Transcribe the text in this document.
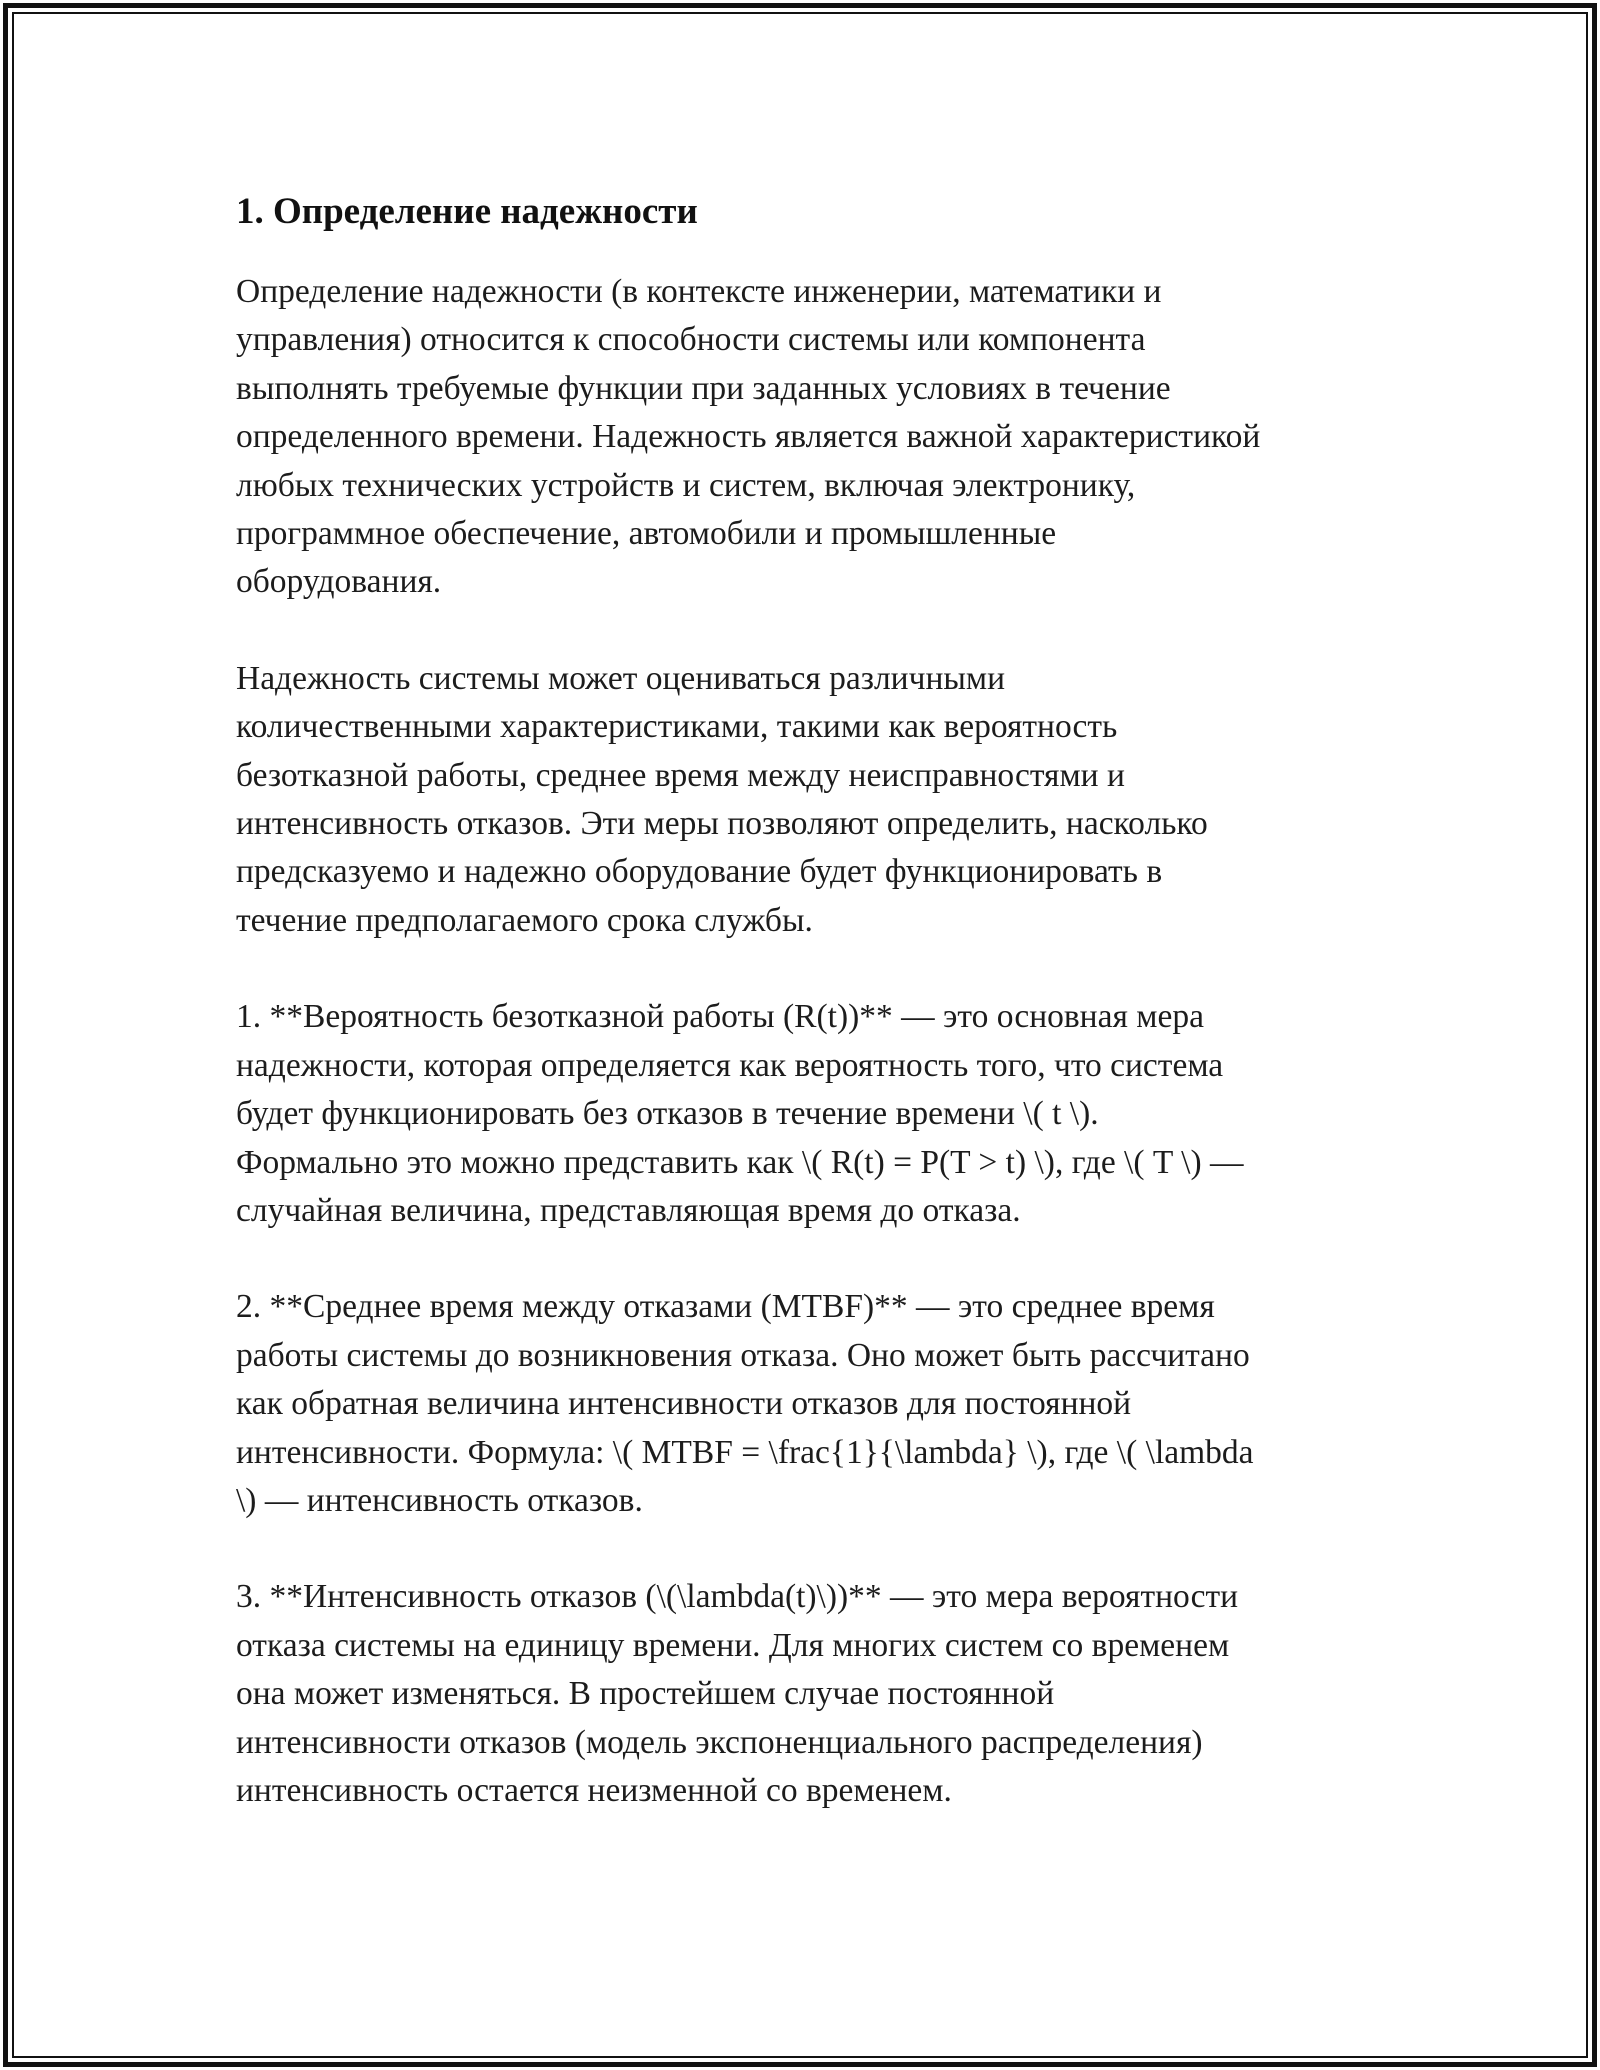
1. Определение надежности

Определение надежности (в контексте инженерии, математики и
управления) относится к способности системы или компонента
выполнять требуемые функции при заданных условиях в течение
определенного времени. Надежность является важной характеристикой
любых технических устройств и систем, включая электронику,
программное обеспечение, автомобили и промышленные
оборудования.

Надежность системы может оцениваться различными
количественными характеристиками, такими как вероятность
безотказной работы, среднее время между неисправностями и
интенсивность отказов. Эти меры позволяют определить, насколько
предсказуемо и надежно оборудование будет функционировать в
течение предполагаемого срока службы.

1. **Вероятность безотказной работы (R(t))** — это основная мера
надежности, которая определяется как вероятность того, что система
будет функционировать без отказов в течение времени \( t \).
Формально это можно представить как \( R(t) = P(T > t) \), где \( T \) —
случайная величина, представляющая время до отказа.

2. **Среднее время между отказами (MTBF)** — это среднее время
работы системы до возникновения отказа. Оно может быть рассчитано
как обратная величина интенсивности отказов для постоянной
интенсивности. Формула: \( MTBF = \frac{1}{\lambda} \), где \( \lambda
\) — интенсивность отказов.

3. **Интенсивность отказов (\(\lambda(t)\))** — это мера вероятности
отказа системы на единицу времени. Для многих систем со временем
она может изменяться. В простейшем случае постоянной
интенсивности отказов (модель экспоненциального распределения)
интенсивность остается неизменной со временем.
